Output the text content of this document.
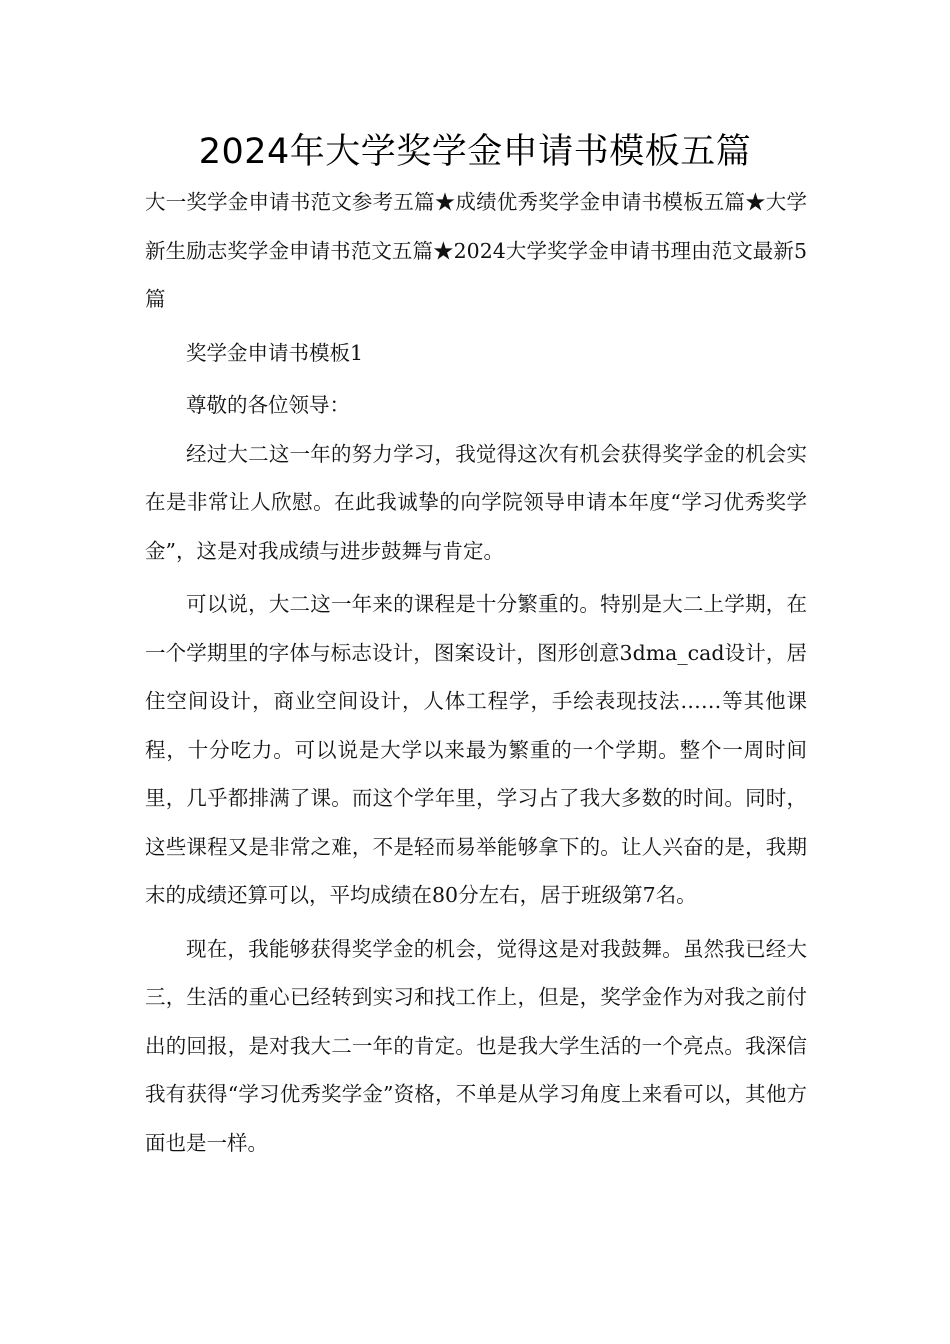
2024年大学奖学金申请书模板五篇

大一奖学金申请书范文参考五篇★成绩优秀奖学金申请书模板五篇★大学新生励志奖学金申请书范文五篇★2024大学奖学金申请书理由范文最新5篇

奖学金申请书模板1

尊敬的各位领导：

经过大二这一年的努力学习，我觉得这次有机会获得奖学金的机会实在是非常让人欣慰。在此我诚挚的向学院领导申请本年度“学习优秀奖学金”，这是对我成绩与进步鼓舞与肯定。

可以说，大二这一年来的课程是十分繁重的。特别是大二上学期，在一个学期里的字体与标志设计，图案设计，图形创意3dma_cad设计，居住空间设计，商业空间设计，人体工程学，手绘表现技法……等其他课程，十分吃力。可以说是大学以来最为繁重的一个学期。整个一周时间里，几乎都排满了课。而这个学年里，学习占了我大多数的时间。同时，这些课程又是非常之难，不是轻而易举能够拿下的。让人兴奋的是，我期末的成绩还算可以，平均成绩在80分左右，居于班级第7名。

现在，我能够获得奖学金的机会，觉得这是对我鼓舞。虽然我已经大三，生活的重心已经转到实习和找工作上，但是，奖学金作为对我之前付出的回报，是对我大二一年的肯定。也是我大学生活的一个亮点。我深信我有获得“学习优秀奖学金”资格，不单是从学习角度上来看可以，其他方面也是一样。
